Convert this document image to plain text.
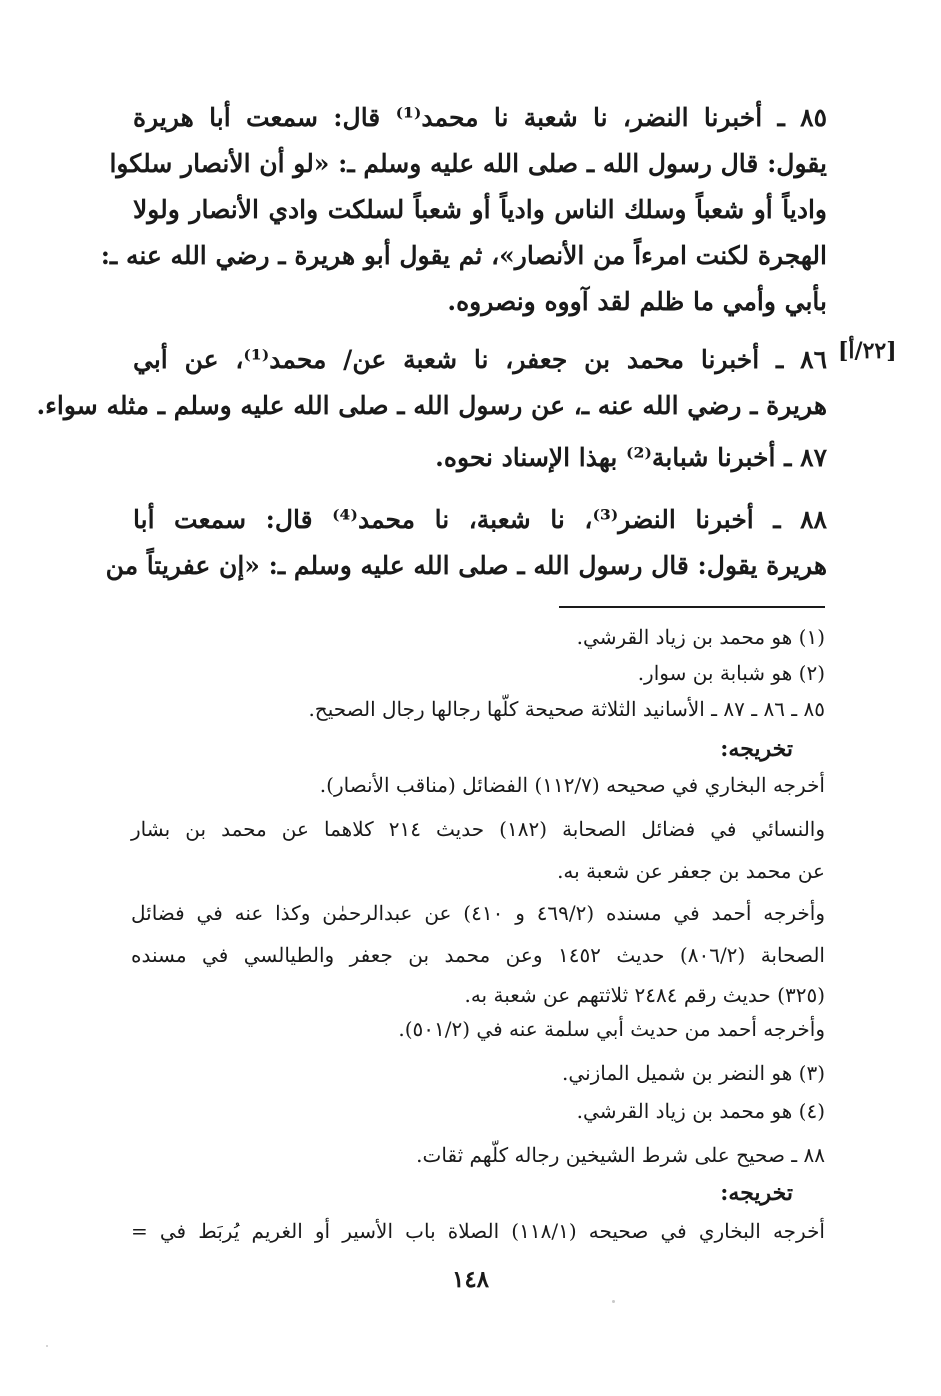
٨٥ ـ أخبرنا النضر، نا شعبة نا محمد⁽¹⁾ قال: سمعت أبا هريرة
يقول: قال رسول الله ـ صلى الله عليه وسلم ـ: «لو أن الأنصار سلكوا
وادياً أو شعباً وسلك الناس وادياً أو شعباً لسلكت وادي الأنصار ولولا
الهجرة لكنت امرءاً من الأنصار»، ثم يقول أبو هريرة ـ رضي الله عنه ـ:
بأبي وأمي ما ظلم لقد آووه ونصروه.
[٢٢/أ]
٨٦ ـ أخبرنا محمد بن جعفر، نا شعبة عن/ محمد⁽¹⁾، عن أبي
هريرة ـ رضي الله عنه ـ، عن رسول الله ـ صلى الله عليه وسلم ـ مثله سواء.
٨٧ ـ أخبرنا شبابة⁽²⁾ بهذا الإسناد نحوه.
٨٨ ـ أخبرنا النضر⁽³⁾، نا شعبة، نا محمد⁽⁴⁾ قال: سمعت أبا
هريرة يقول: قال رسول الله ـ صلى الله عليه وسلم ـ: «إن عفريتاً من
(١) هو محمد بن زياد القرشي.
(٢) هو شبابة بن سوار.
٨٥ ـ ٨٦ ـ ٨٧ ـ الأسانيد الثلاثة صحيحة كلّها رجالها رجال الصحيح.
تخريجه:
أخرجه البخاري في صحيحه (١١٢/٧) الفضائل (مناقب الأنصار).
والنسائي في فضائل الصحابة (١٨٢) حديث ٢١٤ كلاهما عن محمد بن بشار
عن محمد بن جعفر عن شعبة به.
وأخرجه أحمد في مسنده (٤٦٩/٢ و ٤١٠) عن عبدالرحمٰن وكذا عنه في فضائل
الصحابة (٨٠٦/٢) حديث ١٤٥٢ وعن محمد بن جعفر والطيالسي في مسنده
(٣٢٥) حديث رقم ٢٤٨٤ ثلاثتهم عن شعبة به.
وأخرجه أحمد من حديث أبي سلمة عنه في (٥٠١/٢).
(٣) هو النضر بن شميل المازني.
(٤) هو محمد بن زياد القرشي.
٨٨ ـ صحيح على شرط الشيخين رجاله كلّهم ثقات.
تخريجه:
أخرجه البخاري في صحيحه (١١٨/١) الصلاة باب الأسير أو الغريم يُربَط في =
١٤٨
